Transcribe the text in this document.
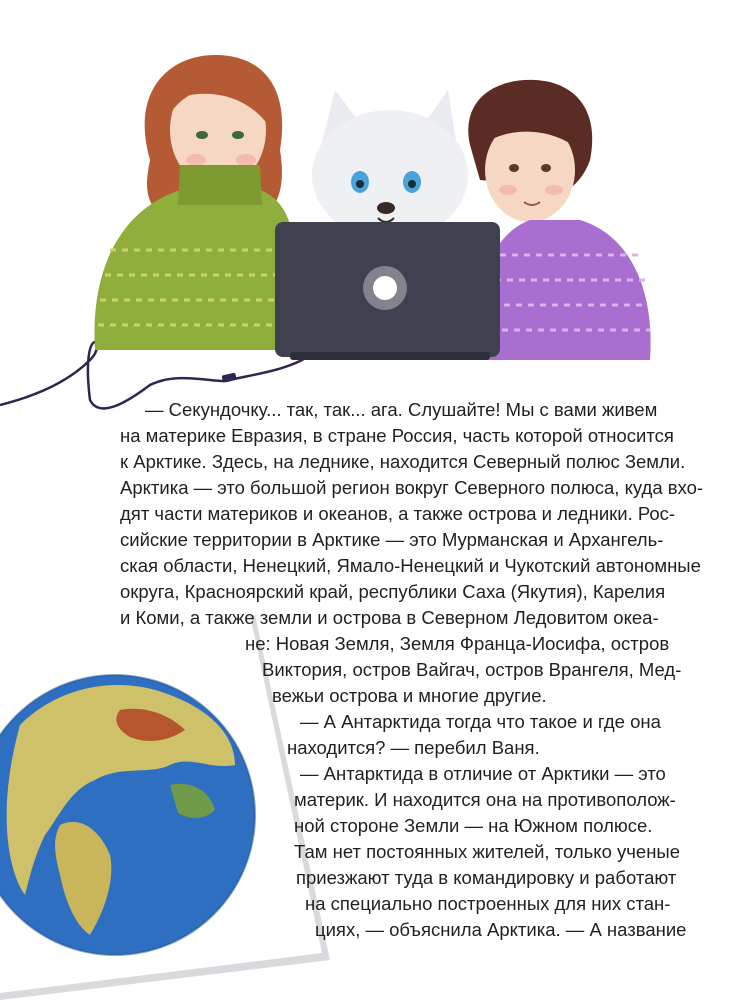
— Секундочку... так, так... ага. Слушайте! Мы с вами живем
на материке Евразия, в стране Россия, часть которой относится
к Арктике. Здесь, на леднике, находится Северный полюс Земли.
Арктика — это большой регион вокруг Северного полюса, куда вхо-
дят части материков и океанов, а также острова и ледники. Рос-
сийские территории в Арктике — это Мурманская и Архангель-
ская области, Ненецкий, Ямало-Ненецкий и Чукотский автономные
округа, Красноярский край, республики Саха (Якутия), Карелия
и Коми, а также земли и острова в Северном Ледовитом океа-
не: Новая Земля, Земля Франца-Иосифа, остров
Виктория, остров Вайгач, остров Врангеля, Мед-
вежьи острова и многие другие.
— А Антарктида тогда что такое и где она
находится? — перебил Ваня.
— Антарктида в отличие от Арктики — это
материк. И находится она на противополож-
ной стороне Земли — на Южном полюсе.
Там нет постоянных жителей, только ученые
приезжают туда в командировку и работают
на специально построенных для них стан-
циях, — объяснила Арктика. — А название
